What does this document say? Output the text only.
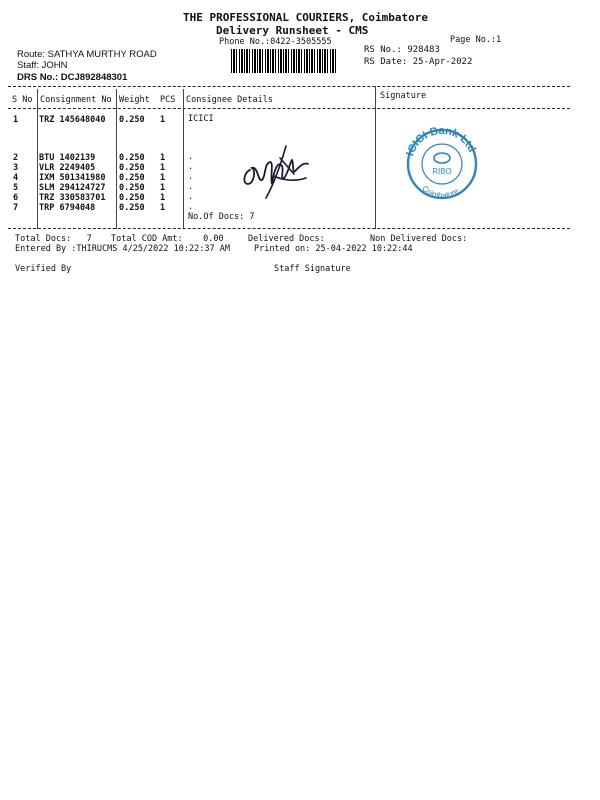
THE PROFESSIONAL COURIERS, Coimbatore
Delivery Runsheet - CMS
Phone No.:0422-3505555	Page No.:1
Route: SATHYA MURTHY ROAD
Staff: JOHN
DRS No.: DCJ892848301
RS No.: 928483
RS Date: 25-Apr-2022
S No Consignment No Weight PCS Consignee Details	Signature
1 TRZ 145648040 0.250 1	ICICI
2 BTU 1402139	0.250 1	.
3 VLR 2249405	0.250 1	.
4 IXM 501341980 0.250 1	.
5 SLM 294124727 0.250 1	.
6 TRZ 330583701 0.250 1	.
7 TRP 6794048	0.250 1	.
No.Of Docs: 7
ICICI Bank Ltd
Coimbatore
RIBO
Total Docs:   7 Total COD Amt:    0.00	Delivered Docs:	Non Delivered Docs:
Entered By :THIRUCMS 4/25/2022 10:22:37 AM	Printed on: 25-04-2022 10:22:44
Verified By	Staff Signature
